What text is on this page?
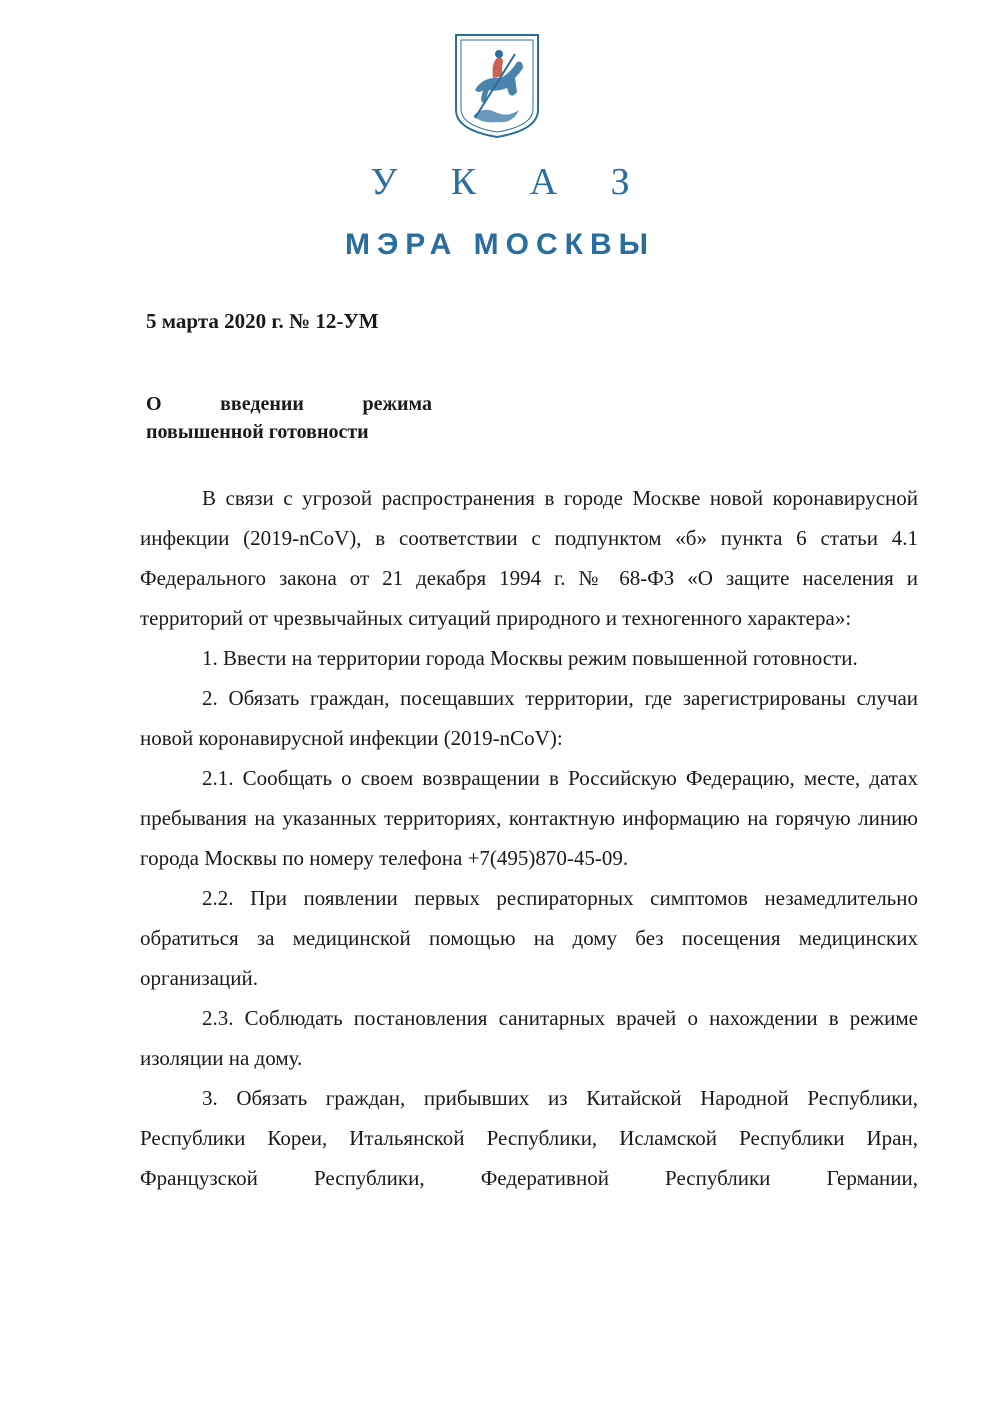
У К А З
МЭРА МОСКВЫ
5 марта 2020 г. № 12-УМ
О введении режима
повышенной готовности

В связи с угрозой распространения в городе Москве новой коронавирусной инфекции (2019-nCoV), в соответствии с подпунктом «б» пункта 6 статьи 4.1 Федерального закона от 21 декабря 1994 г. № 68-ФЗ «О защите населения и территорий от чрезвычайных ситуаций природного и техногенного характера»:

1. Ввести на территории города Москвы режим повышенной готовности.

2. Обязать граждан, посещавших территории, где зарегистрированы случаи новой коронавирусной инфекции (2019-nCoV):

2.1. Сообщать о своем возвращении в Российскую Федерацию, месте, датах пребывания на указанных территориях, контактную информацию на горячую линию города Москвы по номеру телефона +7(495)870-45-09.

2.2. При появлении первых респираторных симптомов незамедлительно обратиться за медицинской помощью на дому без посещения медицинских организаций.

2.3. Соблюдать постановления санитарных врачей о нахождении в режиме изоляции на дому.

3. Обязать граждан, прибывших из Китайской Народной Республики, Республики Кореи, Итальянской Республики, Исламской Республики Иран, Французской Республики, Федеративной Республики Германии,
